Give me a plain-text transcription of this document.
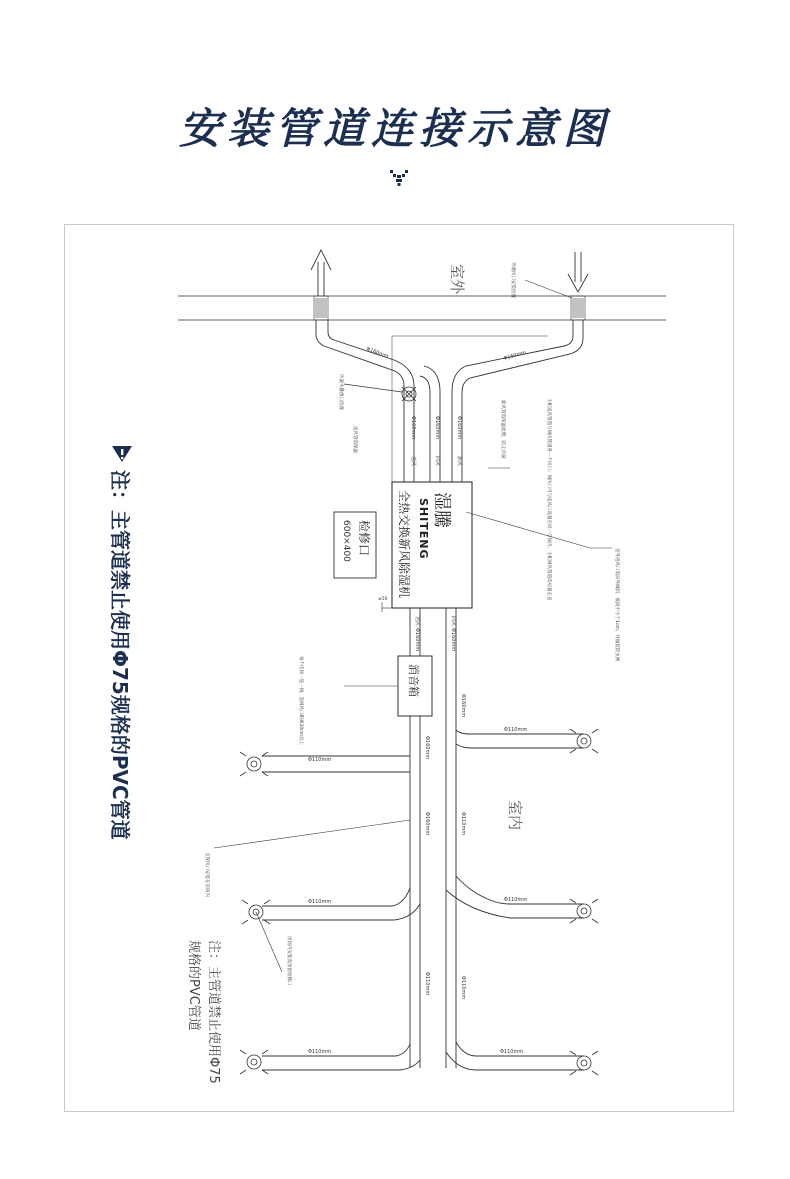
安装管道连接示意图
室外
室内
注：主管道禁止使用Φ75规格的PVC管道
注：主管道禁止使用Φ75
规格的PVC管道
湿騰
SHITENG
全热交换新风除湿机
检修口
600×400
消音箱
外墙风口安装位置
冷凝水排放口位置
送风管需保温	主机送风管道与回风管道各一个风口；回风口可与送风口设置在同一空间内，主机回风管道需尽量走直
新风管需保温处理，防止冷凝
室外进风口需向外倾斜，坡度不小于1cm，并加装防虫网
每个房间一送一回，送回风口距离20cm以上
支管风口安装在房间内
吊顶内安装需预留检修口
Φ160mm	Φ160mm
Φ160mm	Φ160mm	Φ160mm
送风	回风	新风
送风	回风
Φ160mm	Φ160mm
Φ160mm
Φ160mm
Φ160mm	Φ110mm
Φ110mm	Φ110mm
Φ110mm
Φ110mm
Φ110mm
Φ110mm
Φ110mm
Φ110mm
≥50
